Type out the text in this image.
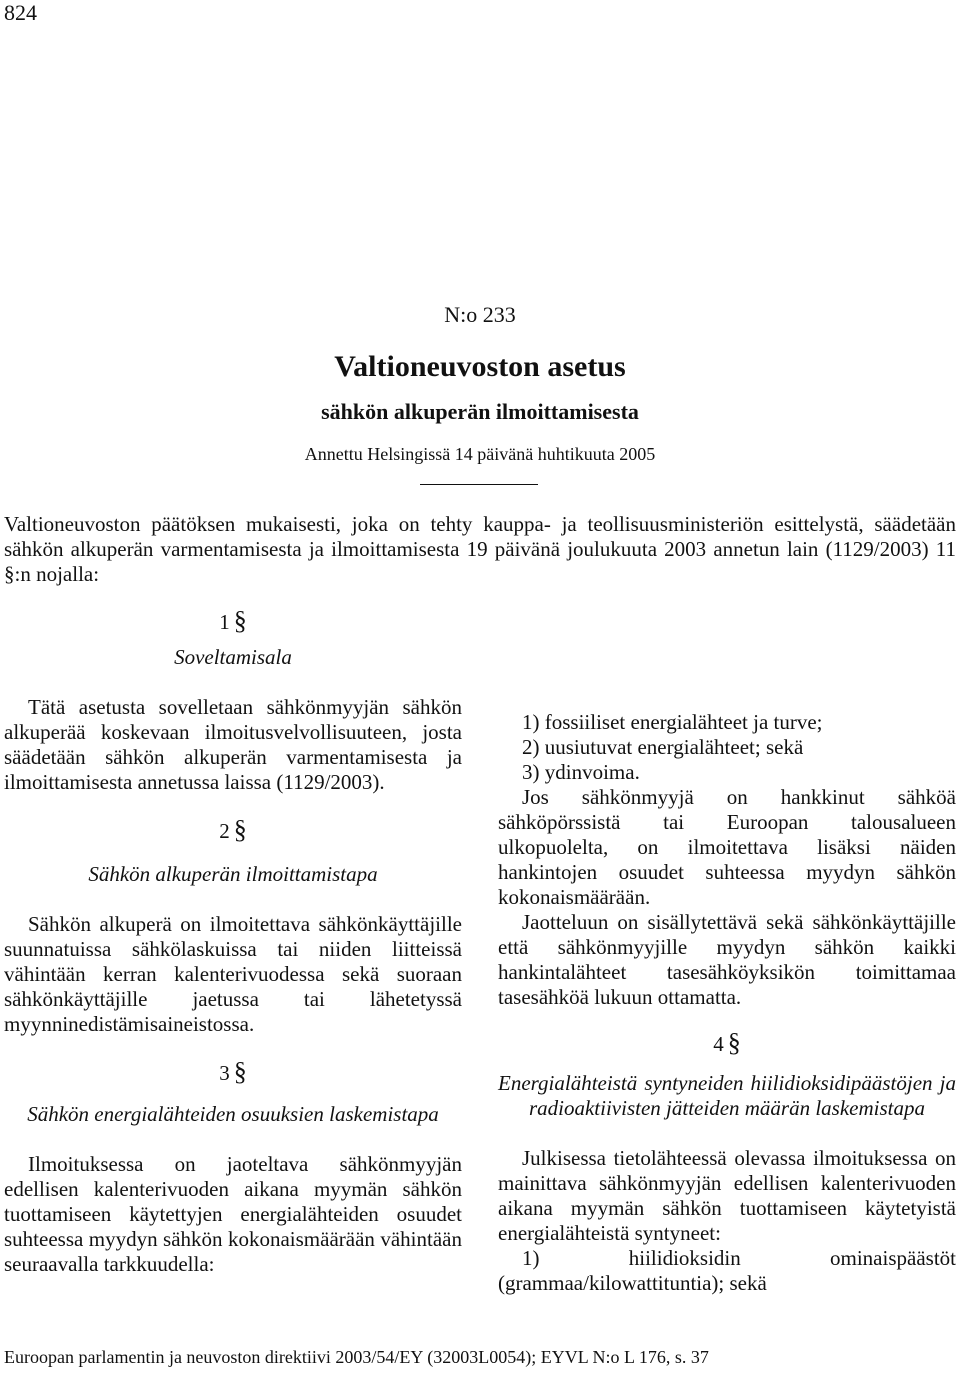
824
N:o 233
Valtioneuvoston asetus
sähkön alkuperän ilmoittamisesta
Annettu Helsingissä 14 päivänä huhtikuuta 2005
Valtioneuvoston päätöksen mukaisesti, joka on tehty kauppa- ja teollisuusministeriön esittelystä, säädetään sähkön alkuperän varmentamisesta ja ilmoittamisesta 19 päivänä joulukuuta 2003 annetun lain (1129/2003) 11 §:n nojalla:
1 §
Soveltamisala

Tätä asetusta sovelletaan sähkönmyyjän sähkön alkuperää koskevaan ilmoitusvelvollisuuteen, josta säädetään sähkön alkuperän varmentamisesta ja ilmoittamisesta annetussa laissa (1129/2003).

2 §
Sähkön alkuperän ilmoittamistapa

Sähkön alkuperä on ilmoitettava sähkönkäyttäjille suunnatuissa sähkölaskuissa tai niiden liitteissä vähintään kerran kalenterivuodessa sekä suoraan sähkönkäyttäjille jaetussa tai lähetetyssä myynninedistämisaineistossa.

3 §
Sähkön energialähteiden osuuksien laskemistapa

Ilmoituksessa on jaoteltava sähkönmyyjän edellisen kalenterivuoden aikana myymän sähkön tuottamiseen käytettyjen energialähteiden osuudet suhteessa myydyn sähkön kokonaismäärään vähintään seuraavalla tarkkuudella:

1) fossiiliset energialähteet ja turve;

2) uusiutuvat energialähteet; sekä

3) ydinvoima.

Jos sähkönmyyjä on hankkinut sähköä sähköpörssistä tai Euroopan talousalueen ulkopuolelta, on ilmoitettava lisäksi näiden hankintojen osuudet suhteessa myydyn sähkön kokonaismäärään.

Jaotteluun on sisällytettävä sekä sähkönkäyttäjille että sähkönmyyjille myydyn sähkön kaikki hankintalähteet tasesähköyksikön toimittamaa tasesähköä lukuun ottamatta.

4 §
Energialähteistä syntyneiden hiilidioksidipäästöjen ja radioaktiivisten jätteiden määrän laskemistapa

Julkisessa tietolähteessä olevassa ilmoituksessa on mainittava sähkönmyyjän edellisen kalenterivuoden aikana myymän sähkön tuottamiseen käytetyistä energialähteistä syntyneet:

1) hiilidioksidin ominaispäästöt (grammaa/kilowattituntia); sekä

Euroopan parlamentin ja neuvoston direktiivi 2003/54/EY (32003L0054); EYVL N:o L 176, s. 37
